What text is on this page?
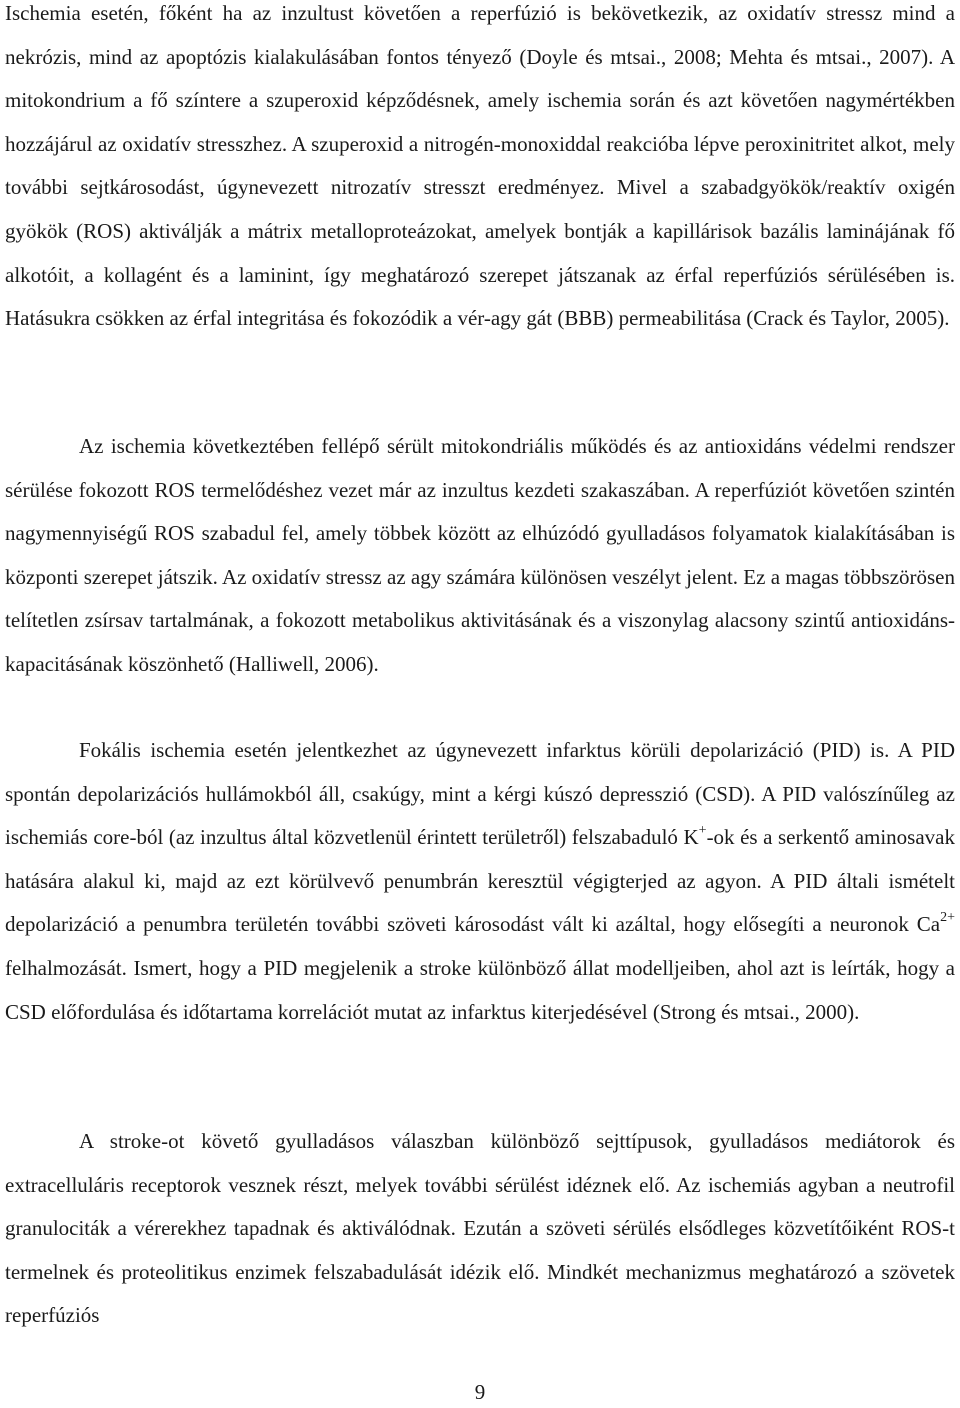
Ischemia esetén, főként ha az inzultust követően a reperfúzió is bekövetkezik, az oxidatív stressz mind a nekrózis, mind az apoptózis kialakulásában fontos tényező (Doyle és mtsai., 2008; Mehta és mtsai., 2007). A mitokondrium a fő színtere a szuperoxid képződésnek, amely ischemia során és azt követően nagymértékben hozzájárul az oxidatív stresszhez. A szuperoxid a nitrogén-monoxiddal reakcióba lépve peroxinitritet alkot, mely további sejtkárosodást, úgynevezett nitrozatív stresszt eredményez. Mivel a szabadgyökök/reaktív oxigén gyökök (ROS) aktiválják a mátrix metalloproteázokat, amelyek bontják a kapillárisok bazális laminájának fő alkotóit, a kollagént és a laminint, így meghatározó szerepet játszanak az érfal reperfúziós sérülésében is. Hatásukra csökken az érfal integritása és fokozódik a vér-agy gát (BBB) permeabilitása (Crack és Taylor, 2005).

Az ischemia következtében fellépő sérült mitokondriális működés és az antioxidáns védelmi rendszer sérülése fokozott ROS termelődéshez vezet már az inzultus kezdeti szakaszában. A reperfúziót követően szintén nagymennyiségű ROS szabadul fel, amely többek között az elhúzódó gyulladásos folyamatok kialakításában is központi szerepet játszik. Az oxidatív stressz az agy számára különösen veszélyt jelent. Ez a magas többszörösen telítetlen zsírsav tartalmának, a fokozott metabolikus aktivitásának és a viszonylag alacsony szintű antioxidáns-kapacitásának köszönhető (Halliwell, 2006).

Fokális ischemia esetén jelentkezhet az úgynevezett infarktus körüli depolarizáció (PID) is. A PID spontán depolarizációs hullámokból áll, csakúgy, mint a kérgi kúszó depresszió (CSD). A PID valószínűleg az ischemiás core-ból (az inzultus által közvetlenül érintett területről) felszabaduló K+-ok és a serkentő aminosavak hatására alakul ki, majd az ezt körülvevő penumbrán keresztül végigterjed az agyon. A PID általi ismételt depolarizáció a penumbra területén további szöveti károsodást vált ki azáltal, hogy elősegíti a neuronok $Ca^{2+}$ felhalmozását. Ismert, hogy a PID megjelenik a stroke különböző állat modelljeiben, ahol azt is leírták, hogy a CSD előfordulása és időtartama korrelációt mutat az infarktus kiterjedésével (Strong és mtsai., 2000).

A stroke-ot követő gyulladásos válaszban különböző sejttípusok, gyulladásos mediátorok és extracelluláris receptorok vesznek részt, melyek további sérülést idéznek elő. Az ischemiás agyban a neutrofil granulociták a vérerekhez tapadnak és aktiválódnak. Ezután a szöveti sérülés elsődleges közvetítőiként ROS-t termelnek és proteolitikus enzimek felszabadulását idézik elő. Mindkét mechanizmus meghatározó a szövetek reperfúziós

9
